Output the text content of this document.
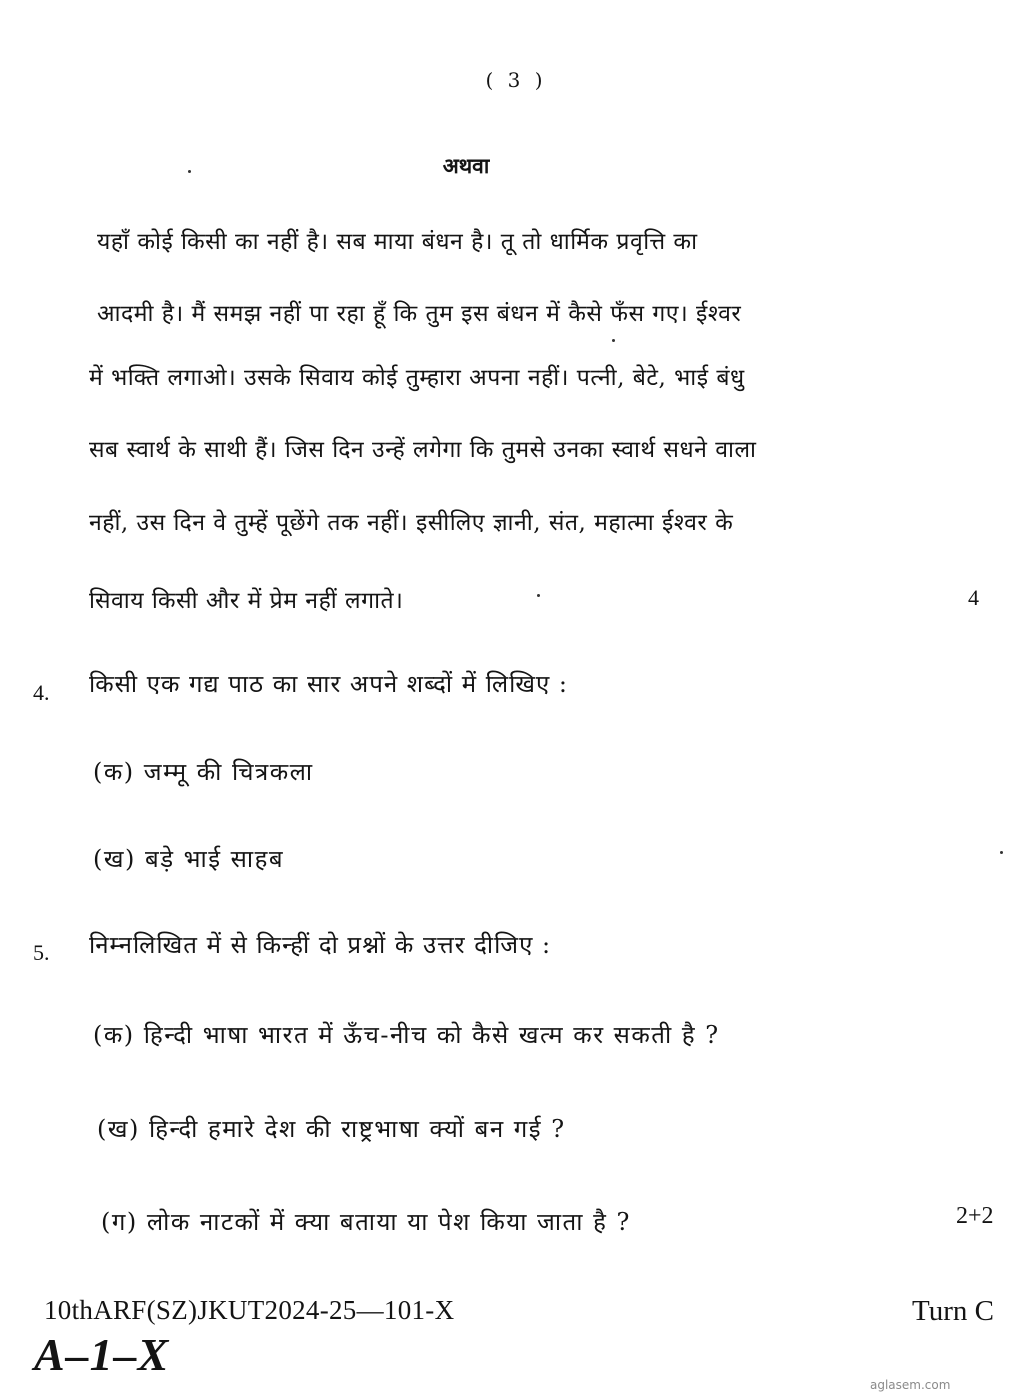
( 3 )
अथवा
यहाँ कोई किसी का नहीं है। सब माया बंधन है। तू तो धार्मिक प्रवृत्ति का
आदमी है। मैं समझ नहीं पा रहा हूँ कि तुम इस बंधन में कैसे फँस गए। ईश्वर
में भक्ति लगाओ। उसके सिवाय कोई तुम्हारा अपना नहीं। पत्नी, बेटे, भाई बंधु
सब स्वार्थ के साथी हैं। जिस दिन उन्हें लगेगा कि तुमसे उनका स्वार्थ सधने वाला
नहीं, उस दिन वे तुम्हें पूछेंगे तक नहीं। इसीलिए ज्ञानी, संत, महात्मा ईश्वर के
सिवाय किसी और में प्रेम नहीं लगाते।	4
4. किसी एक गद्य पाठ का सार अपने शब्दों में लिखिए :
(क) जम्मू की चित्रकला
(ख) बड़े भाई साहब
5. निम्नलिखित में से किन्हीं दो प्रश्नों के उत्तर दीजिए :
(क) हिन्दी भाषा भारत में ऊँच-नीच को कैसे खत्म कर सकती है ?
(ख) हिन्दी हमारे देश की राष्ट्रभाषा क्यों बन गई ?
(ग) लोक नाटकों में क्या बताया या पेश किया जाता है ?	2+2
10thARF(SZ)JKUT2024-25—101-X	Turn C
A–1–X
aglasem.com
